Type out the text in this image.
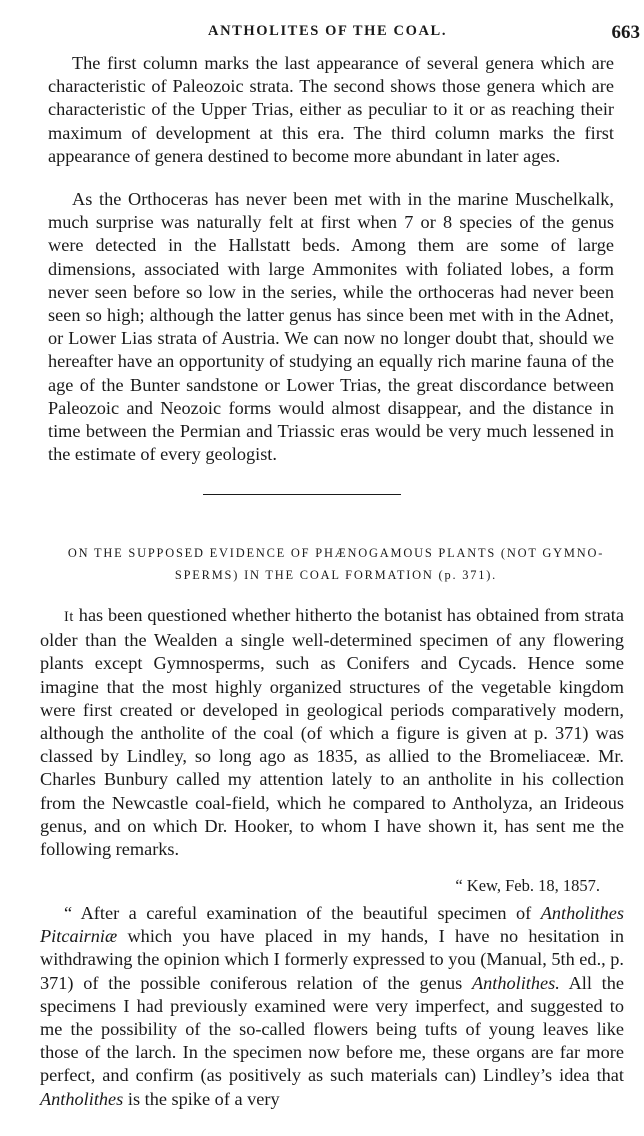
ANTHOLITES OF THE COAL.	663

The first column marks the last appearance of several genera which are characteristic of Paleozoic strata. The second shows those genera which are characteristic of the Upper Trias, either as peculiar to it or as reaching their maximum of development at this era. The third column marks the first appearance of genera destined to become more abundant in later ages.

As the Orthoceras has never been met with in the marine Muschelkalk, much surprise was naturally felt at first when 7 or 8 species of the genus were detected in the Hallstatt beds. Among them are some of large dimensions, associated with large Ammonites with foliated lobes, a form never seen before so low in the series, while the orthoceras had never been seen so high; although the latter genus has since been met with in the Adnet, or Lower Lias strata of Austria. We can now no longer doubt that, should we hereafter have an opportunity of studying an equally rich marine fauna of the age of the Bunter sandstone or Lower Trias, the great discordance between Paleozoic and Neozoic forms would almost disappear, and the distance in time between the Permian and Triassic eras would be very much lessened in the estimate of every geologist.

ON THE SUPPOSED EVIDENCE OF PHÆNOGAMOUS PLANTS (NOT GYMNO-
SPERMS) IN THE COAL FORMATION (p. 371).

It has been questioned whether hitherto the botanist has obtained from strata older than the Wealden a single well-determined specimen of any flowering plants except Gymnosperms, such as Conifers and Cycads. Hence some imagine that the most highly organized structures of the vegetable kingdom were first created or developed in geological periods comparatively modern, although the antholite of the coal (of which a figure is given at p. 371) was classed by Lindley, so long ago as 1835, as allied to the Bromeliaceæ. Mr. Charles Bunbury called my attention lately to an antholite in his collection from the Newcastle coal-field, which he compared to Antholyza, an Irideous genus, and on which Dr. Hooker, to whom I have shown it, has sent me the following remarks.

“ Kew, Feb. 18, 1857.

“ After a careful examination of the beautiful specimen of Antholithes Pitcairniæ which you have placed in my hands, I have no hesitation in withdrawing the opinion which I formerly expressed to you (Manual, 5th ed., p. 371) of the possible coniferous relation of the genus Antholithes. All the specimens I had previously examined were very imperfect, and suggested to me the possibility of the so-called flowers being tufts of young leaves like those of the larch. In the specimen now before me, these organs are far more perfect, and confirm (as positively as such materials can) Lindley’s idea that Antholithes is the spike of a very
